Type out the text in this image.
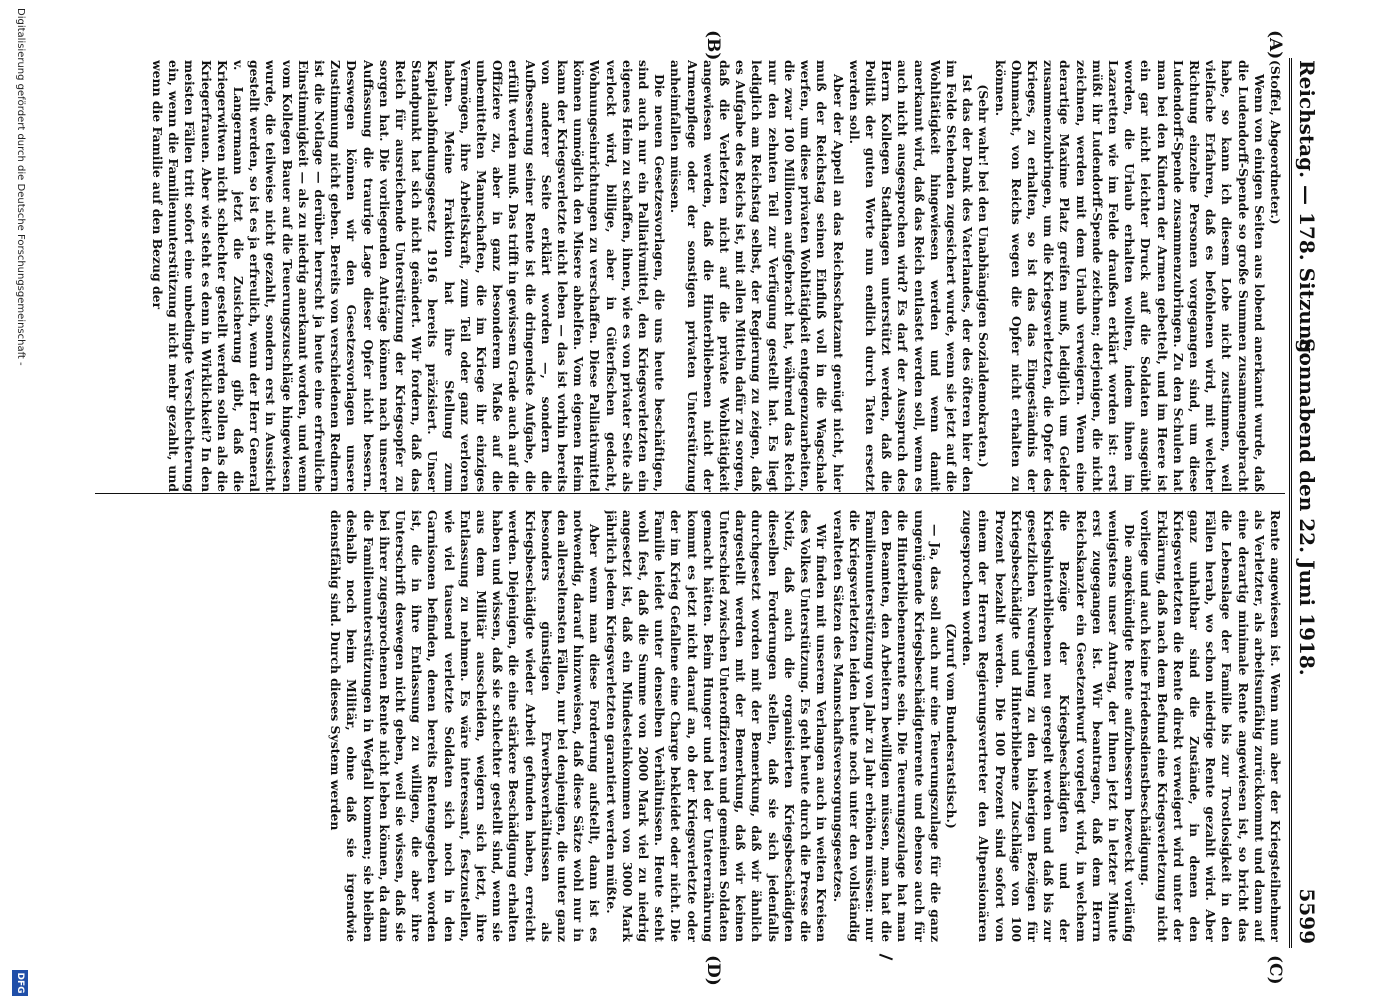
Reichstag. — 178. Sitzung.
Sonnabend den 22. Juni 1918.
5599
(A)
(B)
(C)
(D)

(Stoffel, Abgeordneter.)

Wenn von einigen Seiten aus lobend anerkannt wurde, daß die Ludendorff-Spende so große Summen zusammengebracht habe, so kann ich diesem Lobe nicht zustimmen, weil vielfache Erfahren, daß es befohlenen wird, mit welcher Richtung einzelne Personen vorgegangen sind, um diese Ludendorff-Spende zusammenzubringen. Zu den Schulen hat man bei den Kindern der Armen gebettelt, und im Heere ist ein gar nicht leichter Druck auf die Soldaten ausgeübt worden, die Urlaub erhalten wollten, indem ihnen im Lazaretten wie im Felde draußen erklärt worden ist: erst müßt ihr Ludendorff-Spende zeichnen; derjenigen, die nicht zeichnen, werden mit dem Urlaub verweigern. Wenn eine derartige Maxime Platz greifen muß, lediglich um Gelder zusammenzubringen, um die Kriegsverletzten, die Opfer des Krieges, zu erhalten, so ist das das Eingeständnis der Ohnmacht, von Reichs wegen die Opfer nicht erhalten zu können.

(Sehr wahr! bei den Unabhängigen Sozialdemokraten.)

Ist das der Dank des Vaterlandes, der des öfteren hier den im Felde Stehenden zugesichert wurde, wenn sie jetzt auf die Wohltätigkeit hingewiesen werden und wenn damit anerkannt wird, daß das Reich entlastet werden soll, wenn es auch nicht ausgesprochen wird? Es darf der Ausspruch des Herrn Kollegen Stadthagen unterstützt werden, daß die Politik der guten Worte nun endlich durch Taten ersetzt werden soll.

Aber der Appell an das Reichsschatzamt genügt nicht, hier muß der Reichstag seinen Einfluß voll in die Wagschale werfen, um diese privaten Wohltätigkeit entgegenzuarbeiten, die zwar 100 Millionen aufgebracht hat, während das Reich nur den zehnten Teil zur Verfügung gestellt hat. Es liegt lediglich am Reichstag selbst, der Regierung zu zeigen, daß es Aufgabe des Reichs ist, mit allen Mitteln dafür zu sorgen, daß die Verletzten nicht auf die private Wohltätigkeit angewiesen werden, daß die Hinterbliebenen nicht der Armenpflege oder der sonstigen privaten Unterstützung anheimfallen müssen.

Die neuen Gesetzesvorlagen, die uns heute beschäftigen, sind auch nur ein Palliativmittel, den Kriegsverletzten ein eigenes Heim zu schaffen, ihnen, wie es von privater Seite als verlockt wird, billige, aber in Güterfischen gedacht, Wohnungseinrichtungen zu verschaffen. Diese Palliativmittel können unmöglich den Misere abhelfen. Vom eigenen Heim kann der Kriegsverletzte nicht leben — das ist vorhin bereits von anderer Seite erklärt worden —, sondern die Aufbesserung seiner Rente ist die dringendste Aufgabe, die erfüllt werden muß. Das trifft in gewissem Grade auch auf die Offiziere zu, aber in ganz besonderem Maße auf die unbemittelten Mannschaften, die im Kriege ihr einziges Vermögen, ihre Arbeitskraft, zum Teil oder ganz verloren haben. Meine Fraktion hat ihre Stellung zum Kapitalabfindungsgesetz 1916 bereits präzisiert. Unser Standpunkt hat sich nicht geändert. Wir fordern, daß das Reich für ausreichende Unterstützung der Kriegsopfer zu sorgen hat. Die vorliegenden Anträge können nach unserer Auffassung die traurige Lage dieser Opfer nicht bessern. Deswegen können wir den Gesetzesvorlagen unsere Zustimmung nicht geben. Bereits von verschiedenen Rednern ist die Notlage — derüber herrscht ja heute eine erfreuliche Einstimmigkeit — als zu niedrig anerkannt worden, und wenn vom Kollegen Bauer auf die Teuerungszuschläge hingewiesen wurde, die teilweise nicht gezahlt, sondern erst in Aussicht gestellt werden, so ist es ja erfreulich, wenn der Herr General v. Langermann jetzt die Zusicherung gibt, daß die Kriegerwitwen nicht schlechter gestellt werden sollen als die Kriegerfrauen. Aber wie steht es denn in Wirklichkeit? In den meisten Fällen tritt sofort eine unbedingte Verschlechterung ein, wenn die Familienunterstützung nicht mehr gezahlt, und wenn die Familie auf den Bezug der

Rente angewiesen ist. Wenn nun aber der Kriegsteilnehmer als Verletzter, als arbeitsunfähig zurückkommt und dann auf eine derartig minimale Rente angewiesen ist, so bricht das die Lebenslage der Familie bis zur Trostlosigkeit in den Fällen herab, wo schon niedrige Rente gezahlt wird. Aber ganz unhaltbar sind die Zustände, in denen den Kriegsverletzten die Rente direkt verweigert wird unter der Erklärung, daß nach dem Befund eine Kriegsverletzung nicht vorliege und auch keine Friedensdienstbeschädigung.

Die angekündigte Rente aufzubessern bezweckt vorläufig wenigstens unser Antrag, der Ihnen jetzt in letzter Minute erst zugegangen ist. Wir beantragen, daß dem Herrn Reichskanzler ein Gesetzentwurf vorgelegt wird, in welchem die Bezüge der Kriegsbeschädigten und der Kriegshinterbliebenen neu geregelt werden und daß bis zur gesetzlichen Neuregelung zu den bisherigen Bezügen für Kriegsbeschädigte und Hinterbliebene Zuschläge von 100 Prozent bezahlt werden. Die 100 Prozent sind sofort von einem der Herren Regierungsvertreter den Altpensionären zugesprochen worden.

(Zuruf vom Bundesratstisch.)

— Ja, das soll auch nur eine Teuerungszulage für die ganz ungenügende Kriegsbeschädigtenrente und ebenso auch für die Hinterbliebenenrente sein. Die Teuerungszulage hat man den Beamten, den Arbeitern bewilligen müssen, man hat die Familienunterstützung von Jahr zu Jahr erhöhen müssen: nur die Kriegsverletzten leiden heute noch unter den vollständig veralteten Sätzen des Mannschaftsversorgungsgesetzes.

Wir finden mit unserem Verlangen auch in weiten Kreisen des Volkes Unterstützung. Es geht heute durch die Presse die Notiz, daß auch die organisierten Kriegsbeschädigten dieselben Forderungen stellen, daß sie sich jedenfalls durchgesetzt worden mit der Bemerkung, daß wir ähnlich dargestellt werden mit der Bemerkung, daß wir keinen Unterschied zwischen Unteroffizieren und gemeinen Soldaten gemacht hätten. Beim Hunger und bei der Unterernährung kommt es jetzt nicht darauf an, ob der Kriegsverletzte oder der im Krieg Gefallene eine Charge bekleidet oder nicht. Die Familie leidet unter denselben Verhältnissen. Heute steht wohl fest, daß die Summe von 2000 Mark viel zu niedrig angesetzt ist, daß ein Mindesteinkommen von 3000 Mark jährlich jedem Kriegsverletzten garantiert werden müßte.

Aber wenn man diese Forderung aufstellt, dann ist es notwendig, darauf hinzuweisen, daß diese Sätze wohl nur in den allerseltensten Fällen, nur bei denjenigen, die unter ganz besonders günstigen Erwerbsverhältnissen als Kriegsbeschädigte wieder Arbeit gefunden haben, erreicht werden. Diejenigen, die eine stärkere Beschädigung erhalten haben und wissen, daß sie schlechter gestellt sind, wenn sie aus dem Militär ausscheiden, weigern sich jetzt, ihre Entlassung zu nehmen. Es wäre interessant, festzustellen, wie viel tausend verletzte Soldaten sich noch in den Garnisonen befinden, denen bereits Rentengegeben worden ist, die in ihre Entlassung zu willigen, die aber ihre Unterschrift deswegen nicht geben, weil sie wissen, daß sie bei ihrer zugesprochenen Rente nicht leben können, da dann die Familienunterstützungen in Wegfall kommen; sie bleiben deshalb noch beim Militär, ohne daß sie irgendwie dienstfähig sind. Durch dieses System werden

Digitalisierung gefördert durch die Deutsche Forschungsgemeinschaft -
DFG
